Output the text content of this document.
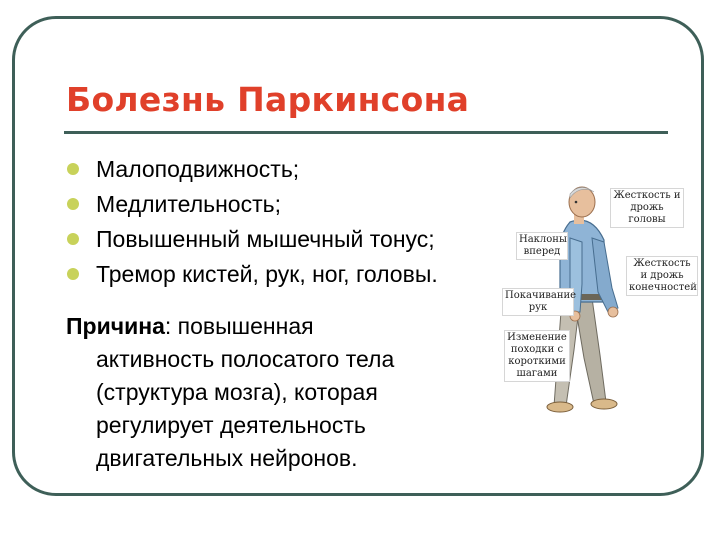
Болезнь Паркинсона
Малоподвижность;
Медлительность;
Повышенный мышечный тонус;
Тремор кистей, рук, ног, головы.
Причина: повышенная
активность полосатого тела
(структура мозга), которая
регулирует деятельность
двигательных нейронов.
Жесткость и дрожь головы
Наклоны вперед
Жесткость и дрожь конечностей
Покачивание рук
Изменение походки с короткими шагами
